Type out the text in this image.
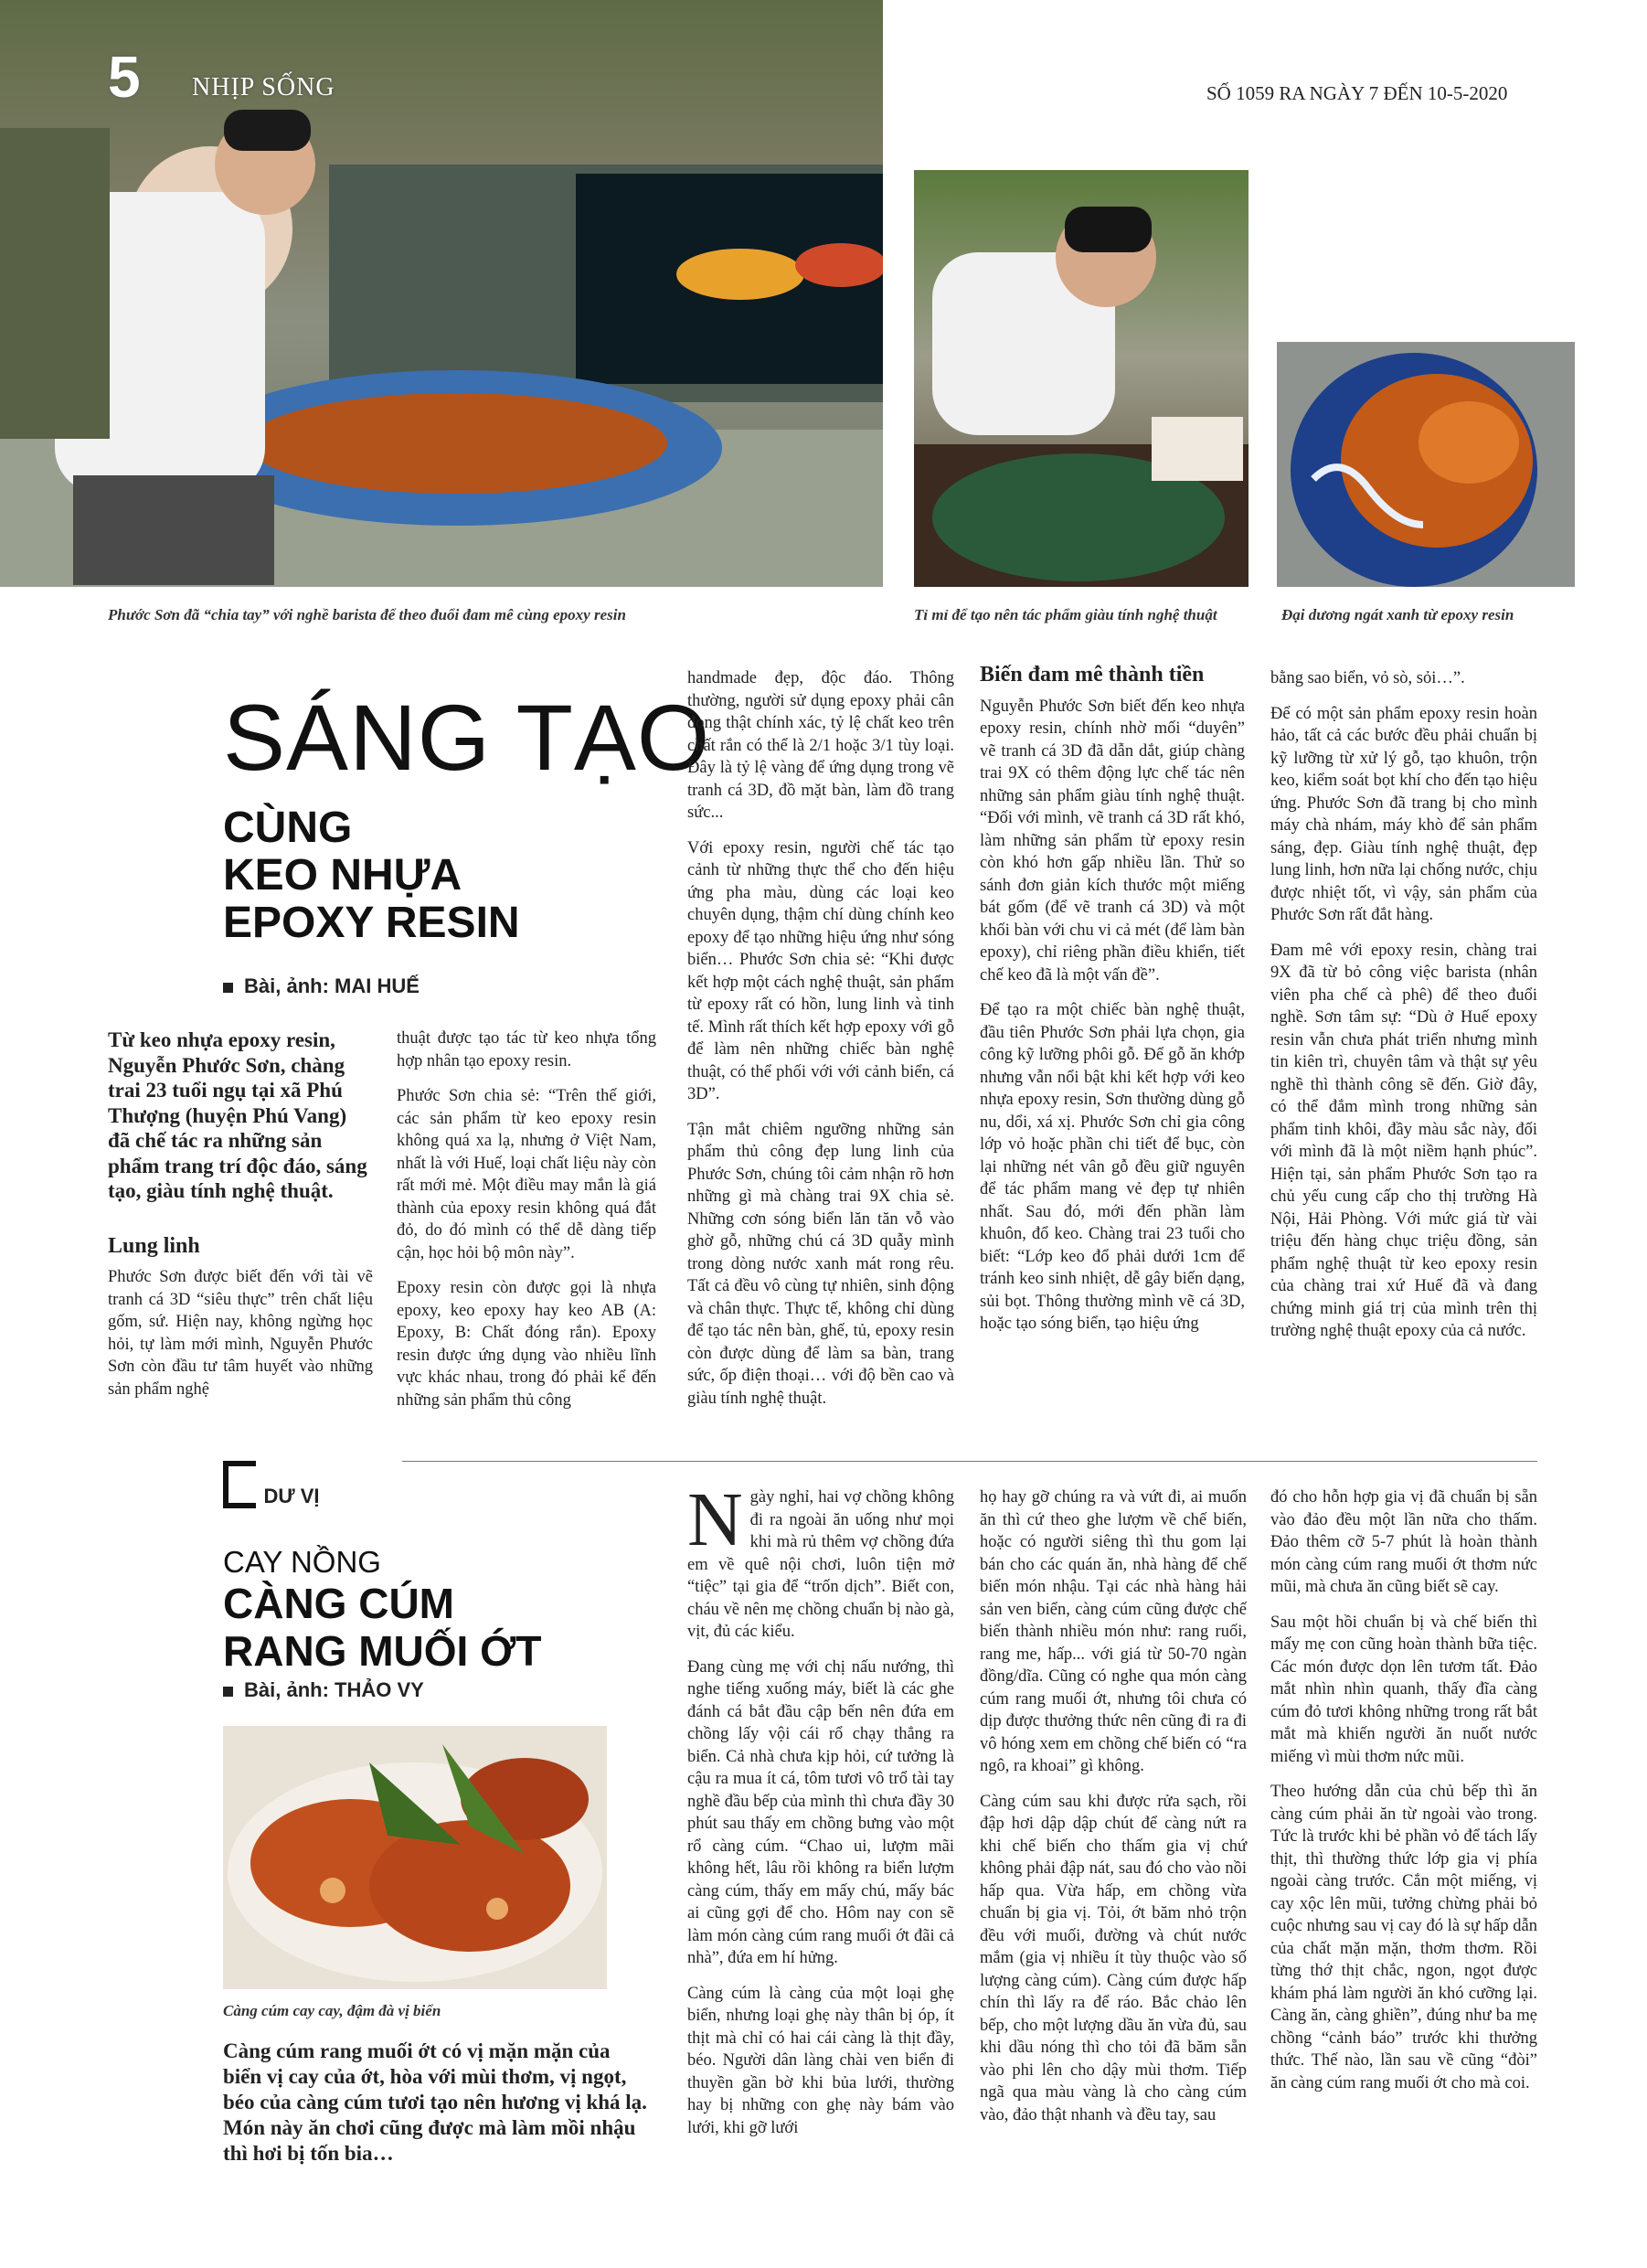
5 NHỊP SỐNG	SỐ 1059 RA NGÀY 7 ĐẾN 10-5-2020
Phước Sơn đã “chia tay” với nghề barista để theo đuổi đam mê cùng epoxy resin	Tỉ mỉ để tạo nên tác phẩm giàu tính nghệ thuật	Đại dương ngát xanh từ epoxy resin
SÁNG TẠO
CÙNG
KEO NHỰA
EPOXY RESIN
Bài, ảnh: MAI HUẾ

Từ keo nhựa epoxy resin, Nguyễn Phước Sơn, chàng trai 23 tuổi ngụ tại xã Phú Thượng (huyện Phú Vang) đã chế tác ra những sản phẩm trang trí độc đáo, sáng tạo, giàu tính nghệ thuật.

Lung linh

Phước Sơn được biết đến với tài vẽ tranh cá 3D “siêu thực” trên chất liệu gốm, sứ. Hiện nay, không ngừng học hỏi, tự làm mới mình, Nguyễn Phước Sơn còn đầu tư tâm huyết vào những sản phẩm nghệ

thuật được tạo tác từ keo nhựa tổng hợp nhân tạo epoxy resin.

Phước Sơn chia sẻ: “Trên thế giới, các sản phẩm từ keo epoxy resin không quá xa lạ, nhưng ở Việt Nam, nhất là với Huế, loại chất liệu này còn rất mới mẻ. Một điều may mắn là giá thành của epoxy resin không quá đắt đỏ, do đó mình có thể dễ dàng tiếp cận, học hỏi bộ môn này”.

Epoxy resin còn được gọi là nhựa epoxy, keo epoxy hay keo AB (A: Epoxy, B: Chất đóng rắn). Epoxy resin được ứng dụng vào nhiều lĩnh vực khác nhau, trong đó phải kể đến những sản phẩm thủ công

handmade đẹp, độc đáo. Thông thường, người sử dụng epoxy phải cân đong thật chính xác, tỷ lệ chất keo trên chất rắn có thể là 2/1 hoặc 3/1 tùy loại. Đây là tỷ lệ vàng để ứng dụng trong vẽ tranh cá 3D, đồ mặt bàn, làm đồ trang sức...

Với epoxy resin, người chế tác tạo cảnh từ những thực thể cho đến hiệu ứng pha màu, dùng các loại keo chuyên dụng, thậm chí dùng chính keo epoxy để tạo những hiệu ứng như sóng biển… Phước Sơn chia sẻ: “Khi được kết hợp một cách nghệ thuật, sản phẩm từ epoxy rất có hồn, lung linh và tinh tế. Mình rất thích kết hợp epoxy với gỗ để làm nên những chiếc bàn nghệ thuật, có thể phối với với cảnh biển, cá 3D”.

Tận mắt chiêm ngưỡng những sản phẩm thủ công đẹp lung linh của Phước Sơn, chúng tôi cảm nhận rõ hơn những gì mà chàng trai 9X chia sẻ. Những cơn sóng biển lăn tăn vỗ vào ghờ gỗ, những chú cá 3D quẫy mình trong dòng nước xanh mát rong rêu. Tất cả đều vô cùng tự nhiên, sinh động và chân thực. Thực tế, không chỉ dùng để tạo tác nên bàn, ghế, tủ, epoxy resin còn được dùng để làm sa bàn, trang sức, ốp điện thoại… với độ bền cao và giàu tính nghệ thuật.

Biến đam mê thành tiền

Nguyễn Phước Sơn biết đến keo nhựa epoxy resin, chính nhờ mối “duyên” vẽ tranh cá 3D đã dẫn dắt, giúp chàng trai 9X có thêm động lực chế tác nên những sản phẩm giàu tính nghệ thuật. “Đối với mình, vẽ tranh cá 3D rất khó, làm những sản phẩm từ epoxy resin còn khó hơn gấp nhiều lần. Thử so sánh đơn giản kích thước một miếng bát gốm (để vẽ tranh cá 3D) và một khối bàn với chu vi cả mét (để làm bàn epoxy), chỉ riêng phần điều khiển, tiết chế keo đã là một vấn đề”.

Để tạo ra một chiếc bàn nghệ thuật, đầu tiên Phước Sơn phải lựa chọn, gia công kỹ lưỡng phôi gỗ. Để gỗ ăn khớp nhưng vẫn nổi bật khi kết hợp với keo nhựa epoxy resin, Sơn thường dùng gỗ nu, dổi, xá xị. Phước Sơn chỉ gia công lớp vỏ hoặc phần chi tiết để bục, còn lại những nét vân gỗ đều giữ nguyên để tác phẩm mang vẻ đẹp tự nhiên nhất. Sau đó, mới đến phần làm khuôn, đổ keo. Chàng trai 23 tuổi cho biết: “Lớp keo đổ phải dưới 1cm để tránh keo sinh nhiệt, dễ gây biến dạng, sủi bọt. Thông thường mình vẽ cá 3D, hoặc tạo sóng biển, tạo hiệu ứng

bằng sao biển, vỏ sò, sỏi…”.

Để có một sản phẩm epoxy resin hoàn hảo, tất cả các bước đều phải chuẩn bị kỹ lưỡng từ xử lý gỗ, tạo khuôn, trộn keo, kiểm soát bọt khí cho đến tạo hiệu ứng. Phước Sơn đã trang bị cho mình máy chà nhám, máy khò để sản phẩm sáng, đẹp. Giàu tính nghệ thuật, đẹp lung linh, hơn nữa lại chống nước, chịu được nhiệt tốt, vì vậy, sản phẩm của Phước Sơn rất đắt hàng.

Đam mê với epoxy resin, chàng trai 9X đã từ bỏ công việc barista (nhân viên pha chế cà phê) để theo đuổi nghề. Sơn tâm sự: “Dù ở Huế epoxy resin vẫn chưa phát triển nhưng mình tin kiên trì, chuyên tâm và thật sự yêu nghề thì thành công sẽ đến. Giờ đây, có thể đắm mình trong những sản phẩm tinh khôi, đầy màu sắc này, đối với mình đã là một niềm hạnh phúc”. Hiện tại, sản phẩm Phước Sơn tạo ra chủ yếu cung cấp cho thị trường Hà Nội, Hải Phòng. Với mức giá từ vài triệu đến hàng chục triệu đồng, sản phẩm nghệ thuật từ keo epoxy resin của chàng trai xứ Huế đã và đang chứng minh giá trị của mình trên thị trường nghệ thuật epoxy của cả nước.

DƯ VỊ
CAY NỒNG
CÀNG CÚM
RANG MUỐI ỚT
Bài, ảnh: THẢO VY
Càng cúm cay cay, đậm đà vị biển

Càng cúm rang muối ớt có vị mặn mặn của biển vị cay của ớt, hòa với mùi thơm, vị ngọt, béo của càng cúm tươi tạo nên hương vị khá lạ. Món này ăn chơi cũng được mà làm mồi nhậu thì hơi bị tốn bia…

Ngày nghỉ, hai vợ chồng không đi ra ngoài ăn uống như mọi khi mà rủ thêm vợ chồng đứa em về quê nội chơi, luôn tiện mở “tiệc” tại gia để “trốn dịch”. Biết con, cháu về nên mẹ chồng chuẩn bị nào gà, vịt, đủ các kiểu.

Đang cùng mẹ với chị nấu nướng, thì nghe tiếng xuống máy, biết là các ghe đánh cá bắt đầu cập bến nên đứa em chồng lấy vội cái rổ chạy thẳng ra biển. Cả nhà chưa kịp hỏi, cứ tưởng là cậu ra mua ít cá, tôm tươi vô trổ tài tay nghề đầu bếp của mình thì chưa đầy 30 phút sau thấy em chồng bưng vào một rổ càng cúm. “Chao ui, lượm mãi không hết, lâu rồi không ra biển lượm càng cúm, thấy em mấy chú, mấy bác ai cũng gợi để cho. Hôm nay con sẽ làm món càng cúm rang muối ớt đãi cả nhà”, đứa em hí hửng.

Càng cúm là càng của một loại ghẹ biển, nhưng loại ghẹ này thân bị óp, ít thịt mà chỉ có hai cái càng là thịt đầy, béo. Người dân làng chài ven biển đi thuyền gần bờ khi bủa lưới, thường hay bị những con ghẹ này bám vào lưới, khi gỡ lưới

họ hay gỡ chúng ra và vứt đi, ai muốn ăn thì cứ theo ghe lượm về chế biến, hoặc có người siêng thì thu gom lại bán cho các quán ăn, nhà hàng để chế biến món nhậu. Tại các nhà hàng hải sản ven biển, càng cúm cũng được chế biến thành nhiều món như: rang ruối, rang me, hấp... với giá từ 50-70 ngàn đồng/dĩa. Cũng có nghe qua món càng cúm rang muối ớt, nhưng tôi chưa có dịp được thưởng thức nên cũng đi ra đi vô hóng xem em chồng chế biến có “ra ngô, ra khoai” gì không.

Càng cúm sau khi được rửa sạch, rồi đập hơi dập dập chút để càng nứt ra khi chế biến cho thấm gia vị chứ không phải đập nát, sau đó cho vào nồi hấp qua. Vừa hấp, em chồng vừa chuẩn bị gia vị. Tỏi, ớt băm nhỏ trộn đều với muối, đường và chút nước mắm (gia vị nhiều ít tùy thuộc vào số lượng càng cúm). Càng cúm được hấp chín thì lấy ra để ráo. Bắc chảo lên bếp, cho một lượng dầu ăn vừa đủ, sau khi dầu nóng thì cho tỏi đã băm sẵn vào phi lên cho dậy mùi thơm. Tiếp ngã qua màu vàng là cho càng cúm vào, đảo thật nhanh và đều tay, sau

đó cho hỗn hợp gia vị đã chuẩn bị sẵn vào đảo đều một lần nữa cho thấm. Đảo thêm cỡ 5-7 phút là hoàn thành món càng cúm rang muối ớt thơm nức mũi, mà chưa ăn cũng biết sẽ cay.

Sau một hồi chuẩn bị và chế biến thì mấy mẹ con cũng hoàn thành bữa tiệc. Các món được dọn lên tươm tất. Đảo mắt nhìn nhìn quanh, thấy đĩa càng cúm đỏ tươi không những trong rất bắt mắt mà khiến người ăn nuốt nước miếng vì mùi thơm nức mũi.

Theo hướng dẫn của chủ bếp thì ăn càng cúm phải ăn từ ngoài vào trong. Tức là trước khi bẻ phần vỏ để tách lấy thịt, thì thường thức lớp gia vị phía ngoài càng trước. Cắn một miếng, vị cay xộc lên mũi, tưởng chừng phải bỏ cuộc nhưng sau vị cay đó là sự hấp dẫn của chất mặn mặn, thơm thơm. Rồi từng thớ thịt chắc, ngon, ngọt được khám phá làm người ăn khó cưỡng lại. Càng ăn, càng ghiền”, đúng như ba mẹ chồng “cảnh báo” trước khi thưởng thức. Thế nào, lần sau về cũng “đòi” ăn càng cúm rang muối ớt cho mà coi.
